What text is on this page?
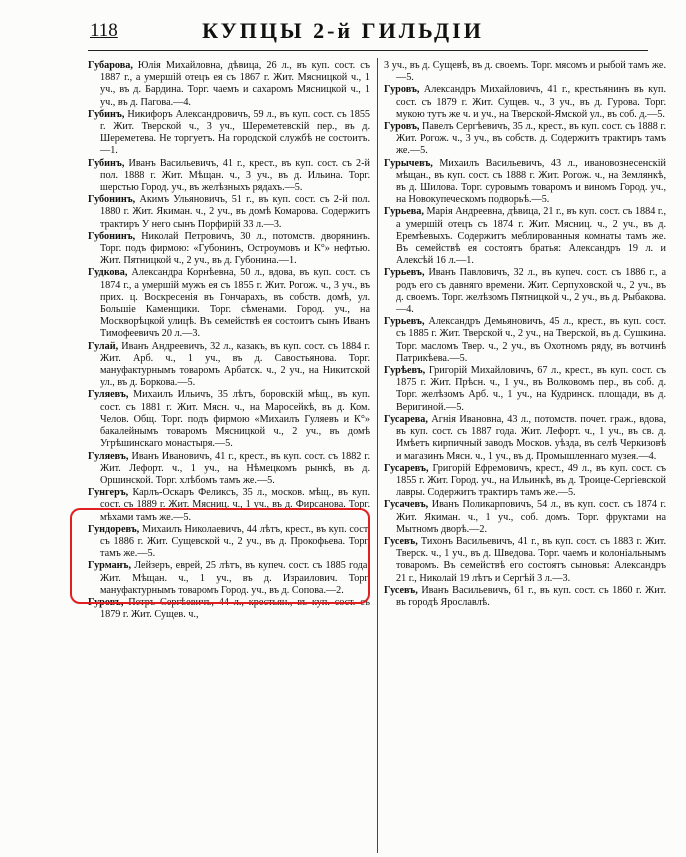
118	КУПЦЫ 2-й ГИЛЬДІИ

Губарова, Юлія Михайловна, дѣвица, 26 л., въ куп. сост. съ 1887 г., а умершій отецъ ея съ 1867 г. Жит. Мясницкой ч., 1 уч., въ д. Бардина. Торг. чаемъ и сахаромъ Мясницкой ч., 1 уч., въ д. Пагова.—4.

Губинъ, Никифоръ Александровичъ, 59 л., въ куп. сост. съ 1855 г. Жит. Тверской ч., 3 уч., Шереметевскій пер., въ д. Шереметева. Не торгуетъ. На городской службѣ не состоитъ.—1.

Губинъ, Иванъ Васильевичъ, 41 г., крест., въ куп. сост. съ 2-й пол. 1888 г. Жит. Мѣщан. ч., 3 уч., въ д. Ильина. Торг. шерстью Город. уч., въ желѣзныхъ рядахъ.—5.

Губонинъ, Акимъ Ульяновичъ, 51 г., въ куп. сост. съ 2-й пол. 1880 г. Жит. Якиман. ч., 2 уч., въ домѣ Комарова. Содержитъ трактиръ У него сынъ Порфирій 33 л.—3.

Губонинъ, Николай Петровичъ, 30 л., потомств. дворянинъ. Торг. подъ фирмою: «Губонинъ, Остроумовъ и К°» нефтью. Жит. Пятницкой ч., 2 уч., въ д. Губонина.—1.

Гудкова, Александра Корнѣевна, 50 л., вдова, въ куп. сост. съ 1874 г., а умершій мужъ ея съ 1855 г. Жит. Рогож. ч., 3 уч., въ прих. ц. Воскресенія въ Гончарахъ, въ собств. домѣ, ул. Большіе Каменщики. Торг. сѣменами. Город. уч., на Москворѣцкой улицѣ. Въ семействѣ ея состоитъ сынъ Иванъ Тимофеевичъ 20 л.—3.

Гулай, Иванъ Андреевичъ, 32 л., казакъ, въ куп. сост. съ 1884 г. Жит. Арб. ч., 1 уч., въ д. Савостьянова. Торг. мануфактурнымъ товаромъ Арбатск. ч., 2 уч., на Никитской ул., въ д. Боркова.—5.

Гуляевъ, Михаилъ Ильичъ, 35 лѣтъ, боровскій мѣщ., въ куп. сост. съ 1881 г. Жит. Мясн. ч., на Маросейкѣ, въ д. Ком. Челов. Общ. Торг. подъ фирмою «Михаилъ Гуляевъ и К°» бакалейнымъ товаромъ Мясницкой ч., 2 уч., въ домѣ Угрѣшинскаго монастыря.—5.

Гуляевъ, Иванъ Ивановичъ, 41 г., крест., въ куп. сост. съ 1882 г. Жит. Лефорт. ч., 1 уч., на Нѣмецкомъ рынкѣ, въ д. Оршинской. Торг. хлѣбомъ тамъ же.—5.

Гунгеръ, Карлъ-Оскаръ Феликсъ, 35 л., москов. мѣщ., въ куп. сост. съ 1889 г. Жит. Мясниц. ч., 1 уч., въ д. Фирсанова. Торг. мѣхами тамъ же.—5.

Гундоревъ, Михаилъ Николаевичъ, 44 лѣтъ, крест., въ куп. сост. съ 1886 г. Жит. Сущевской ч., 2 уч., въ д. Прокофьева. Торг. тамъ же.—5.

Гурманъ, Лейзеръ, еврей, 25 лѣтъ, въ купеч. сост. съ 1885 года. Жит. Мѣщан. ч., 1 уч., въ д. Израилович. Торг. мануфактурнымъ товаромъ Город. уч., въ д. Сопова.—2.

Гуровъ, Петръ Сергѣевичъ, 44 л., крестьян., въ куп. сост. съ 1879 г. Жит. Сущев. ч.,

3 уч., въ д. Сущевѣ, въ д. своемъ. Торг. мясомъ и рыбой тамъ же.—5.

Гуровъ, Александръ Михайловичъ, 41 г., крестьянинъ въ куп. сост. съ 1879 г. Жит. Сущев. ч., 3 уч., въ д. Гурова. Торг. мукою тутъ же ч. и уч., на Тверской-Ямской ул., въ соб. д.—5.

Гуровъ, Павелъ Сергѣевичъ, 35 л., крест., въ куп. сост. съ 1888 г. Жит. Рогож. ч., 3 уч., въ собств. д. Содержитъ трактиръ тамъ же.—5.

Гурычевъ, Михаилъ Васильевичъ, 43 л., ивановознесенскій мѣщан., въ куп. сост. съ 1888 г. Жит. Рогож. ч., на Землянкѣ, въ д. Шилова. Торг. суровымъ товаромъ и виномъ Город. уч., на Новокупеческомъ подворьѣ.—5.

Гурьева, Марія Андреевна, дѣвица, 21 г., въ куп. сост. съ 1884 г., а умершій отецъ съ 1874 г. Жит. Мясниц. ч., 2 уч., въ д. Еремѣевыхъ. Содержитъ меблированныя комнаты тамъ же. Въ семействѣ ея состоятъ братья: Александръ 19 л. и Алексѣй 16 л.—1.

Гурьевъ, Иванъ Павловичъ, 32 л., въ купеч. сост. съ 1886 г., а родъ его съ давняго времени. Жит. Серпуховской ч., 2 уч., въ д. своемъ. Торг. желѣзомъ Пятницкой ч., 2 уч., въ д. Рыбакова.—4.

Гурьевъ, Александръ Демьяновичъ, 45 л., крест., въ куп. сост. съ 1885 г. Жит. Тверской ч., 2 уч., на Тверской, въ д. Сушкина. Торг. масломъ Твер. ч., 2 уч., въ Охотномъ ряду, въ вотчинѣ Патрикѣева.—5.

Гурѣевъ, Григорій Михайловичъ, 67 л., крест., въ куп. сост. съ 1875 г. Жит. Прѣсн. ч., 1 уч., въ Волковомъ пер., въ соб. д. Торг. желѣзомъ Арб. ч., 1 уч., на Кудринск. площади, въ д. Веригиной.—5.

Гусарева, Агнія Ивановна, 43 л., потомств. почет. граж., вдова, въ куп. сост. съ 1887 года. Жит. Лефорт. ч., 1 уч., въ св. д. Имѣетъ кирпичный заводъ Москов. уѣзда, въ селѣ Черкизовѣ и магазинъ Мясн. ч., 1 уч., въ д. Промышленнаго музея.—4.

Гусаревъ, Григорій Ефремовичъ, крест., 49 л., въ куп. сост. съ 1855 г. Жит. Город. уч., на Ильинкѣ, въ д. Троице-Сергіевской лавры. Содержитъ трактиръ тамъ же.—5.

Гусачевъ, Иванъ Поликарповичъ, 54 л., въ куп. сост. съ 1874 г. Жит. Якиман. ч., 1 уч., соб. домъ. Торг. фруктами на Мытномъ дворѣ.—2.

Гусевъ, Тихонъ Васильевичъ, 41 г., въ куп. сост. съ 1883 г. Жит. Тверск. ч., 1 уч., въ д. Шведова. Торг. чаемъ и колоніальнымъ товаромъ. Въ семействѣ его состоятъ сыновья: Александръ 21 г., Николай 19 лѣтъ и Сергѣй 3 л.—3.

Гусевъ, Иванъ Васильевичъ, 61 г., въ куп. сост. съ 1860 г. Жит. въ городѣ Ярославлѣ.
